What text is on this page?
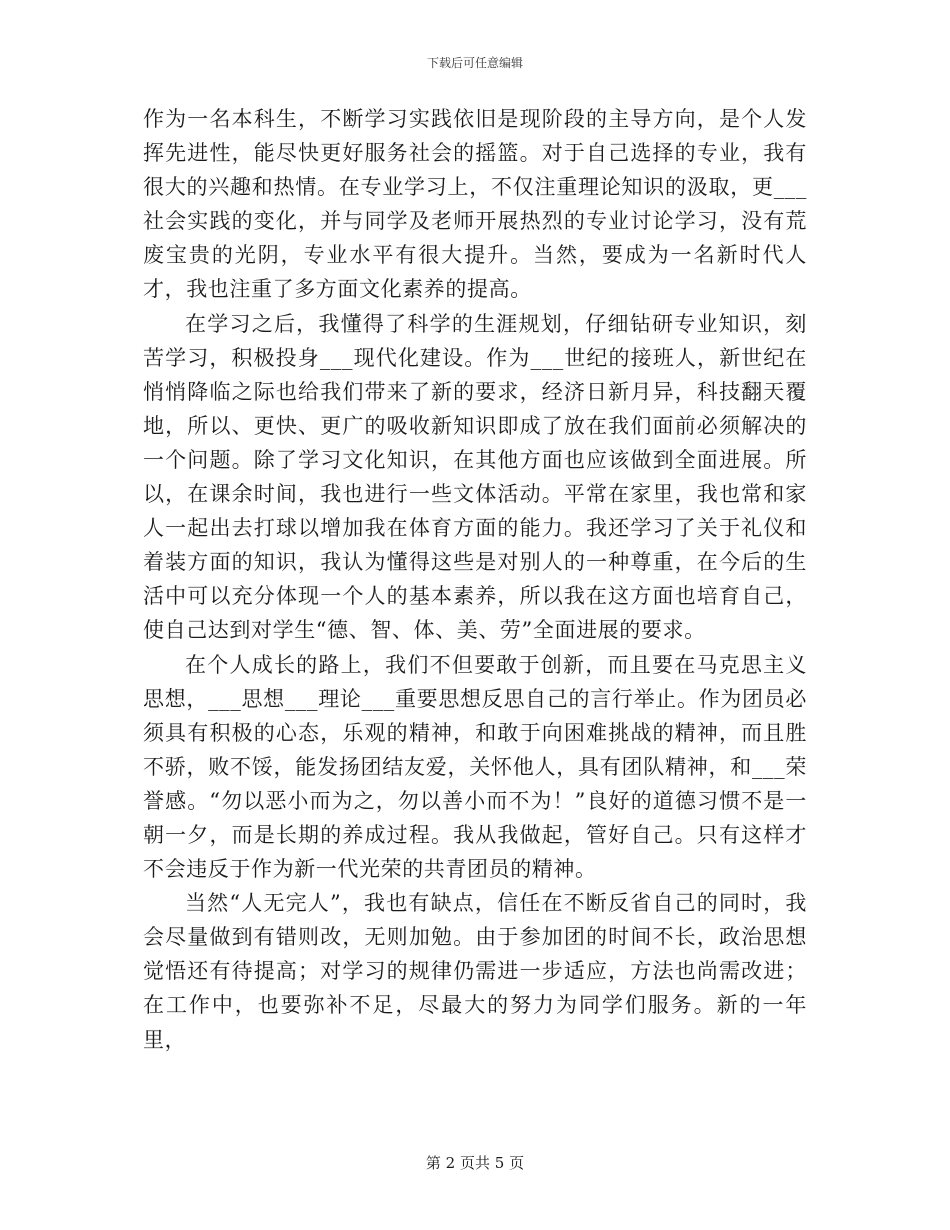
下载后可任意编辑

作为一名本科生，不断学习实践依旧是现阶段的主导方向，是个人发挥先进性，能尽快更好服务社会的摇篮。对于自己选择的专业，我有很大的兴趣和热情。在专业学习上，不仅注重理论知识的汲取，更___社会实践的变化，并与同学及老师开展热烈的专业讨论学习，没有荒废宝贵的光阴，专业水平有很大提升。当然，要成为一名新时代人才，我也注重了多方面文化素养的提高。

在学习之后，我懂得了科学的生涯规划，仔细钻研专业知识，刻苦学习，积极投身___现代化建设。作为___世纪的接班人，新世纪在悄悄降临之际也给我们带来了新的要求，经济日新月异，科技翻天覆地，所以、更快、更广的吸收新知识即成了放在我们面前必须解决的一个问题。除了学习文化知识，在其他方面也应该做到全面进展。所以，在课余时间，我也进行一些文体活动。平常在家里，我也常和家人一起出去打球以增加我在体育方面的能力。我还学习了关于礼仪和着装方面的知识，我认为懂得这些是对别人的一种尊重，在今后的生活中可以充分体现一个人的基本素养，所以我在这方面也培育自己，使自己达到对学生“德、智、体、美、劳”全面进展的要求。

在个人成长的路上，我们不但要敢于创新，而且要在马克思主义思想，___思想___理论___重要思想反思自己的言行举止。作为团员必须具有积极的心态，乐观的精神，和敢于向困难挑战的精神，而且胜不骄，败不馁，能发扬团结友爱，关怀他人，具有团队精神，和___荣誉感。“勿以恶小而为之，勿以善小而不为！”良好的道德习惯不是一朝一夕，而是长期的养成过程。我从我做起，管好自己。只有这样才不会违反于作为新一代光荣的共青团员的精神。

当然“人无完人”，我也有缺点，信任在不断反省自己的同时，我会尽量做到有错则改，无则加勉。由于参加团的时间不长，政治思想觉悟还有待提高；对学习的规律仍需进一步适应，方法也尚需改进；在工作中，也要弥补不足，尽最大的努力为同学们服务。新的一年里，

第 2 页共 5 页
